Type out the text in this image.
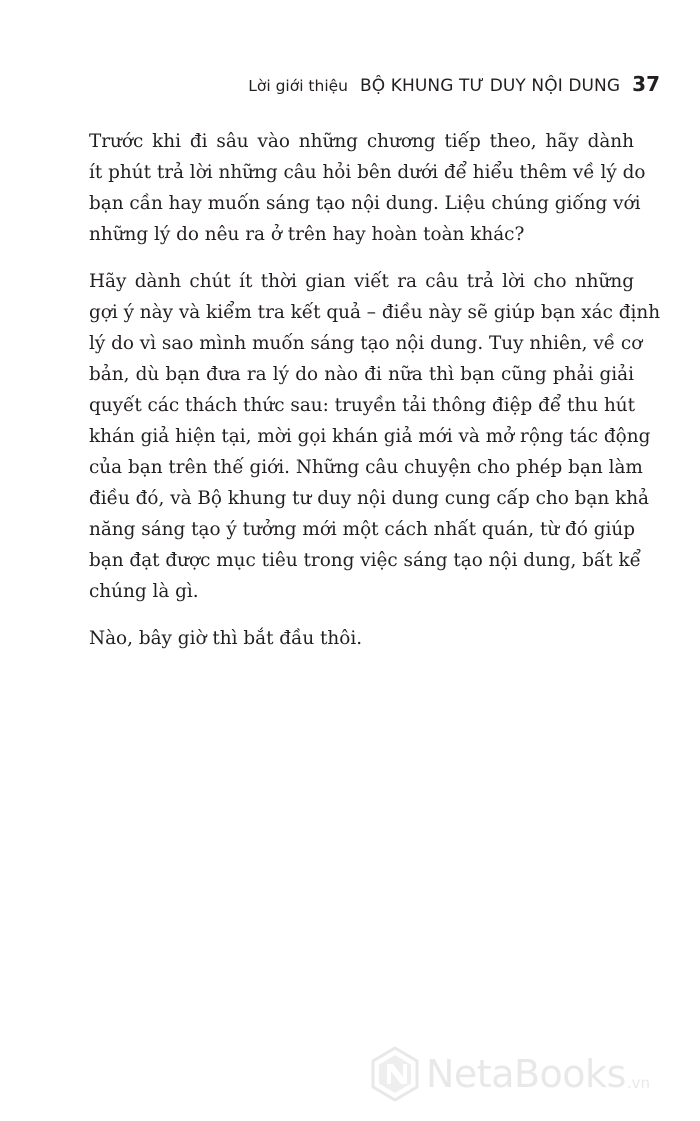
Lời giới thiệu BỘ KHUNG TƯ DUY NỘI DUNG 37

Trước khi đi sâu vào những chương tiếp theo, hãy dành
ít phút trả lời những câu hỏi bên dưới để hiểu thêm về lý do
bạn cần hay muốn sáng tạo nội dung. Liệu chúng giống với
những lý do nêu ra ở trên hay hoàn toàn khác?

Hãy dành chút ít thời gian viết ra câu trả lời cho những
gợi ý này và kiểm tra kết quả – điều này sẽ giúp bạn xác định
lý do vì sao mình muốn sáng tạo nội dung. Tuy nhiên, về cơ
bản, dù bạn đưa ra lý do nào đi nữa thì bạn cũng phải giải
quyết các thách thức sau: truyền tải thông điệp để thu hút
khán giả hiện tại, mời gọi khán giả mới và mở rộng tác động
của bạn trên thế giới. Những câu chuyện cho phép bạn làm
điều đó, và Bộ khung tư duy nội dung cung cấp cho bạn khả
năng sáng tạo ý tưởng mới một cách nhất quán, từ đó giúp
bạn đạt được mục tiêu trong việc sáng tạo nội dung, bất kể
chúng là gì.

Nào, bây giờ thì bắt đầu thôi.

NetaBooks .vn
